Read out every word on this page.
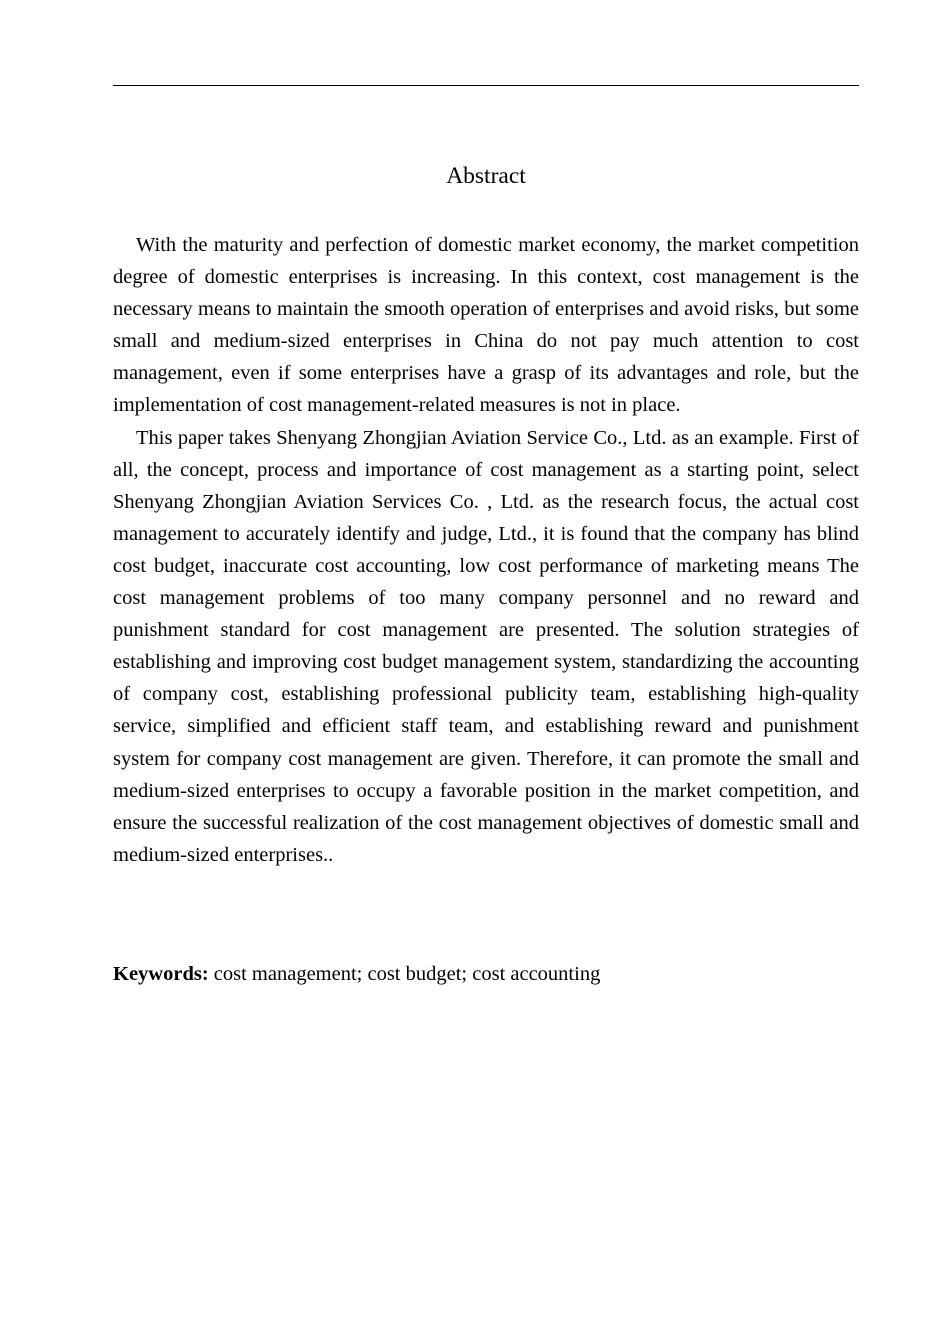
Abstract

With the maturity and perfection of domestic market economy, the market competition degree of domestic enterprises is increasing. In this context, cost management is the necessary means to maintain the smooth operation of enterprises and avoid risks, but some small and medium-sized enterprises in China do not pay much attention to cost management, even if some enterprises have a grasp of its advantages and role, but the implementation of cost management-related measures is not in place.

This paper takes Shenyang Zhongjian Aviation Service Co., Ltd. as an example. First of all, the concept, process and importance of cost management as a starting point, select Shenyang Zhongjian Aviation Services Co. , Ltd. as the research focus, the actual cost management to accurately identify and judge, Ltd., it is found that the company has blind cost budget, inaccurate cost accounting, low cost performance of marketing means The cost management problems of too many company personnel and no reward and punishment standard for cost management are presented. The solution strategies of establishing and improving cost budget management system, standardizing the accounting of company cost, establishing professional publicity team, establishing high-quality service, simplified and efficient staff team, and establishing reward and punishment system for company cost management are given. Therefore, it can promote the small and medium-sized enterprises to occupy a favorable position in the market competition, and ensure the successful realization of the cost management objectives of domestic small and medium-sized enterprises..

Keywords: cost management; cost budget; cost accounting
